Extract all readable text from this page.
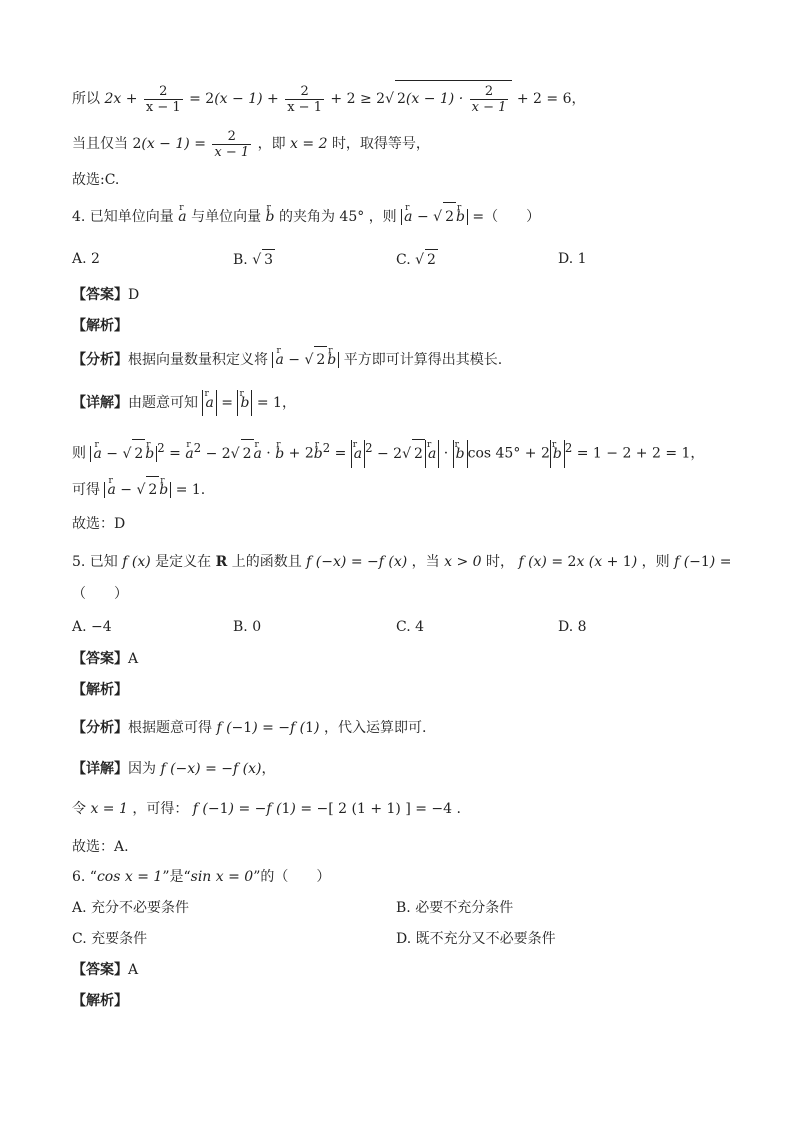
所以 $2x + \frac{2}{x - 1} = 2(x - 1) + \frac{2}{x - 1} + 2 \ge 2√$ $2(x - 1) \cdot \frac{2}{x - 1} + 2 = 6$，
当且仅当 $2(x - 1) = \frac{2}{x - 1}$ ，即 x = 2 时，取得等号，
故选:C.
4. 已知单位向量 r a 与单位向量 r b 的夹角为 45° ，则 r a − √ 2 r b =（　　）
A. 2	B. √ 3	C. √ 2	D. 1
【答案】D
【解析】
【分析】根据向量数量积定义将 r a − √ 2 r b 平方即可计算得出其模长.
【详解】由题意可知 r a = r b = 1，
则 r a − √ 2 r b $^2$ = r $a^2 - 2√$ 2 r a · r b + 2r $b^2 = r$ a $^2$ − 2√ 2 r a · r b cos 45° + 2 r b $^2$ = 1 − 2 + 2 = 1，
可得 r a − √ 2 r b = 1.
故选：D
5. 已知 f (x) 是定义在 R 上的函数且 f (−x) = −f (x) ，当 x > 0 时， f (x) = 2x (x + 1) ，则 f (−1) =
（　　）
A. −4	B. 0	C. 4	D. 8
【答案】A
【解析】
【分析】根据题意可得 f (−1) = −f (1) ，代入运算即可.
【详解】因为 f (−x) = −f (x)，
令 x = 1 ，可得： f (−1) = −f (1) = −[ 2 (1 + 1) ] = −4 .
故选：A.
6. “cos x = 1”是“sin x = 0”的（　　）
A. 充分不必要条件	B. 必要不充分条件
C. 充要条件	D. 既不充分又不必要条件
【答案】A
【解析】
